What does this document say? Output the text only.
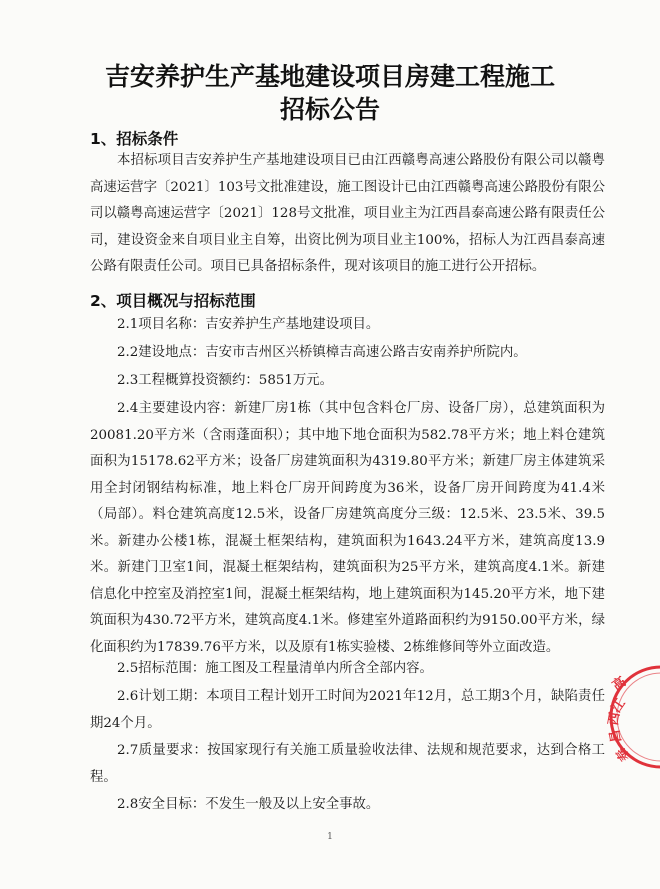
吉安养护生产基地建设项目房建工程施工
招标公告
1、招标条件
本招标项目吉安养护生产基地建设项目已由江西赣粤高速公路股份有限公司以赣粤高速运营字〔2021〕103号文批准建设，施工图设计已由江西赣粤高速公路股份有限公司以赣粤高速运营字〔2021〕128号文批准，项目业主为江西昌泰高速公路有限责任公司，建设资金来自项目业主自筹，出资比例为项目业主100%，招标人为江西昌泰高速公路有限责任公司。项目已具备招标条件，现对该项目的施工进行公开招标。
2、项目概况与招标范围
2.1项目名称：吉安养护生产基地建设项目。
2.2建设地点：吉安市吉州区兴桥镇樟吉高速公路吉安南养护所院内。
2.3工程概算投资额约：5851万元。
2.4主要建设内容：新建厂房1栋（其中包含料仓厂房、设备厂房），总建筑面积为20081.20平方米（含雨蓬面积）；其中地下地仓面积为582.78平方米；地上料仓建筑面积为15178.62平方米；设备厂房建筑面积为4319.80平方米；新建厂房主体建筑采用全封闭钢结构标准，地上料仓厂房开间跨度为36米，设备厂房开间跨度为41.4米（局部）。料仓建筑高度12.5米，设备厂房建筑高度分三级：12.5米、23.5米、39.5米。新建办公楼1栋，混凝土框架结构，建筑面积为1643.24平方米，建筑高度13.9米。新建门卫室1间，混凝土框架结构，建筑面积为25平方米，建筑高度4.1米。新建信息化中控室及消控室1间，混凝土框架结构，地上建筑面积为145.20平方米，地下建筑面积为430.72平方米，建筑高度4.1米。修建室外道路面积约为9150.00平方米，绿化面积约为17839.76平方米，以及原有1栋实验楼、2栋维修间等外立面改造。
2.5招标范围：施工图及工程量清单内所含全部内容。
2.6计划工期：本项目工程计划开工时间为2021年12月，总工期3个月，缺陷责任期24个月。
2.7质量要求：按国家现行有关施工质量验收法律、法规和规范要求，达到合格工程。
2.8安全目标：不发生一般及以上安全事故。
1
江
西
昌
泰
高
